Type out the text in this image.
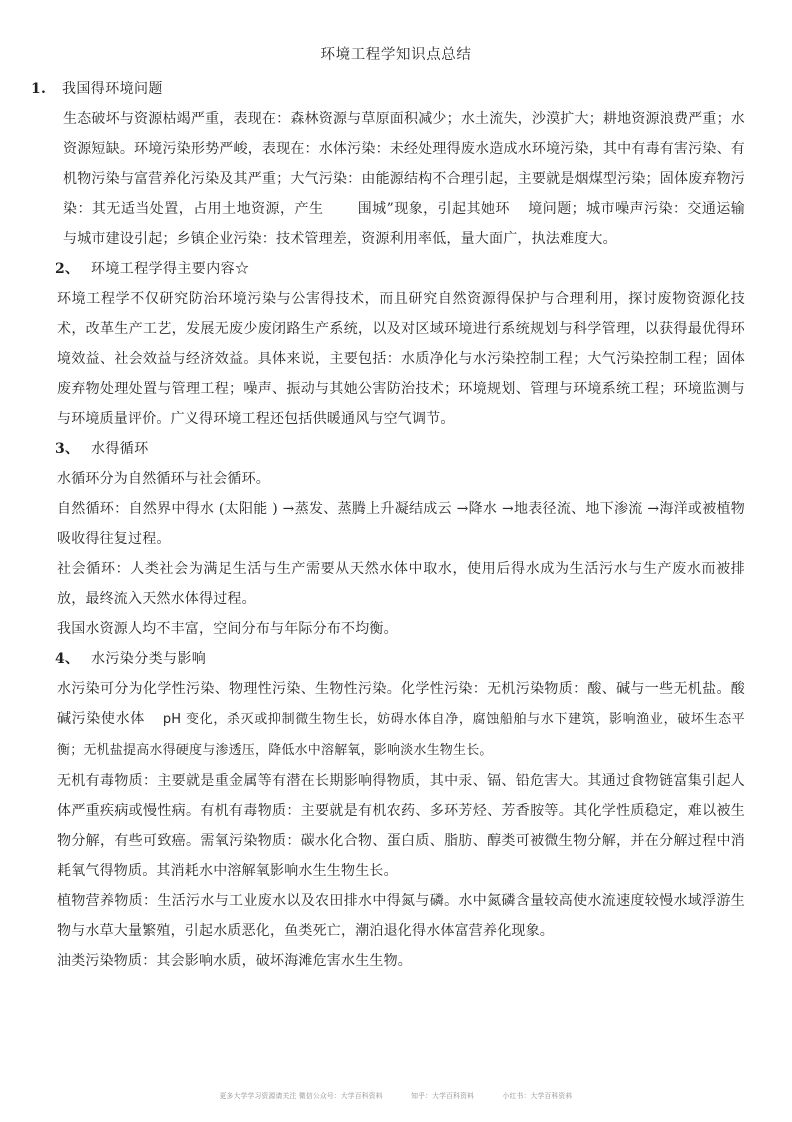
环境工程学知识点总结
1.	我国得环境问题
生态破坏与资源枯竭严重，表现在：森林资源与草原面积减少；水土流失，沙漠扩大；耕地资源浪费严重；水资源短缺。环境污染形势严峻，表现在：水体污染：未经处理得废水造成水环境污染，其中有毒有害污染、有机物污染与富营养化污染及其严重；大气污染：由能源结构不合理引起，主要就是烟煤型污染；固体废弃物污染：其无适当处置，占用土地资源，产生 围城”现象，引起其她环 境问题；城市噪声污染：交通运输与城市建设引起；乡镇企业污染：技术管理差，资源利用率低，量大面广，执法难度大。
2、 环境工程学得主要内容☆
环境工程学不仅研究防治环境污染与公害得技术，而且研究自然资源得保护与合理利用，探讨废物资源化技术，改革生产工艺，发展无废少废闭路生产系统，以及对区域环境进行系统规划与科学管理，以获得最优得环境效益、社会效益与经济效益。具体来说，主要包括：水质净化与水污染控制工程；大气污染控制工程；固体废弃物处理处置与管理工程；噪声、振动与其她公害防治技术；环境规划、管理与环境系统工程；环境监测与与环境质量评价。广义得环境工程还包括供暖通风与空气调节。
3、 水得循环
水循环分为自然循环与社会循环。
自然循环：自然界中得水 (太阳能 ) →蒸发、蒸腾上升凝结成云 →降水 →地表径流、地下渗流 →海洋或被植物吸收得往复过程。
社会循环：人类社会为满足生活与生产需要从天然水体中取水，使用后得水成为生活污水与生产废水而被排放，最终流入天然水体得过程。
我国水资源人均不丰富，空间分布与年际分布不均衡。
4、 水污染分类与影响
水污染可分为化学性污染、物理性污染、生物性污染。化学性污染：无机污染物质：酸、碱与一些无机盐。酸碱污染使水体 pH 变化，杀灭或抑制微生物生长，妨碍水体自净，腐蚀船舶与水下建筑，影响渔业，破坏生态平衡；无机盐提高水得硬度与渗透压，降低水中溶解氧，影响淡水生物生长。
无机有毒物质：主要就是重金属等有潜在长期影响得物质，其中汞、镉、铅危害大。其通过食物链富集引起人体严重疾病或慢性病。有机有毒物质：主要就是有机农药、多环芳烃、芳香胺等。其化学性质稳定，难以被生物分解，有些可致癌。需氧污染物质：碳水化合物、蛋白质、脂肪、醇类可被微生物分解，并在分解过程中消耗氧气得物质。其消耗水中溶解氧影响水生生物生长。
植物营养物质：生活污水与工业废水以及农田排水中得氮与磷。水中氮磷含量较高使水流速度较慢水域浮游生物与水草大量繁殖，引起水质恶化，鱼类死亡，潮泊退化得水体富营养化现象。
油类污染物质：其会影响水质，破坏海滩危害水生生物。
更多大学学习资源请关注 微信公众号：大学百科资料	知乎：大学百科资料	小红书：大学百科资料
